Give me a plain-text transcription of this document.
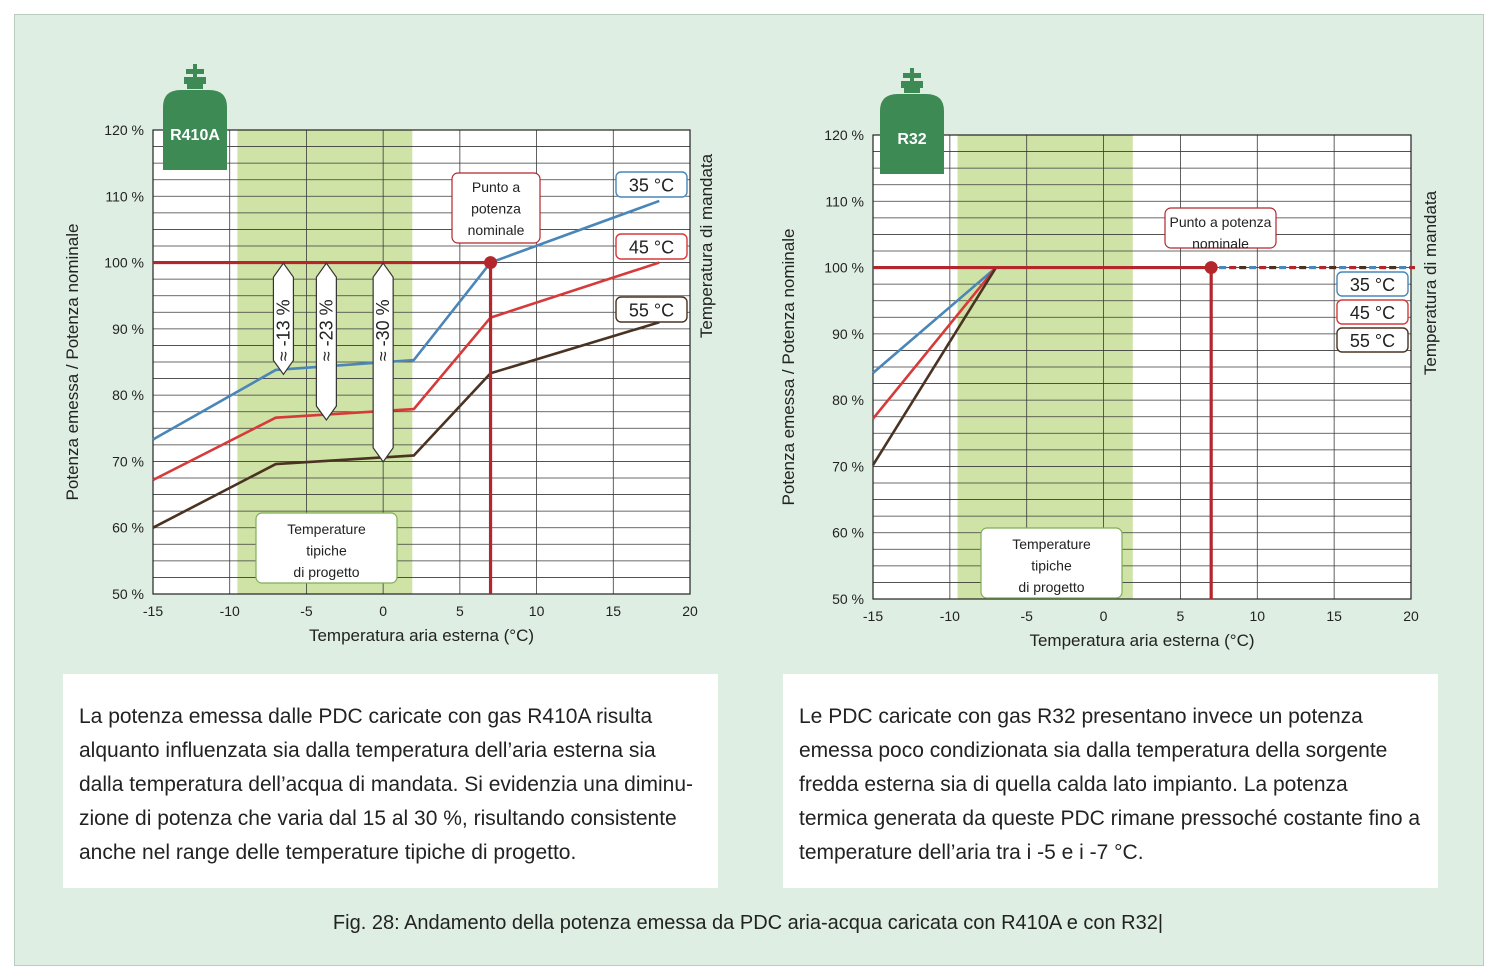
50 %
60 %
70 %
80 %
90 %
100 %
110 %
120 %
-15	-10	-5	0	5	10	15	20
Temperatura aria esterna (°C)
Potenza emessa / Potenza nominale	Temperatura di mandata
Temperature
tipiche
di progetto
Punto a
potenza
nominale
35 °C
45 °C
55 °C
≈ -13 % ≈ -23 % ≈ -30 %
R410A
50 %
60 %
70 %
80 %
90 %
100 %
110 %
120 %
-15	-10	-5	0	5	10	15	20
Temperatura aria esterna (°C)
Potenza emessa / Potenza nominale	Temperatura di mandata
Temperature
tipiche
di progetto
Punto a potenza
nominale
35 °C
45 °C
55 °C
R32
La potenza emessa dalle PDC caricate con gas R410A risulta
alquanto influenzata sia dalla temperatura dell’aria esterna sia
dalla temperatura dell’acqua di mandata. Si evidenzia una diminu-
zione di potenza che varia dal 15 al 30 %, risultando consistente
anche nel range delle temperature tipiche di progetto.
Le PDC caricate con gas R32 presentano invece un potenza
emessa poco condizionata sia dalla temperatura della sorgente
fredda esterna sia di quella calda lato impianto. La potenza
termica generata da queste PDC rimane pressoché costante fino a
temperature dell’aria tra i -5 e i -7 °C.
Fig. 28: Andamento della potenza emessa da PDC aria-acqua caricata con R410A e con R32|
